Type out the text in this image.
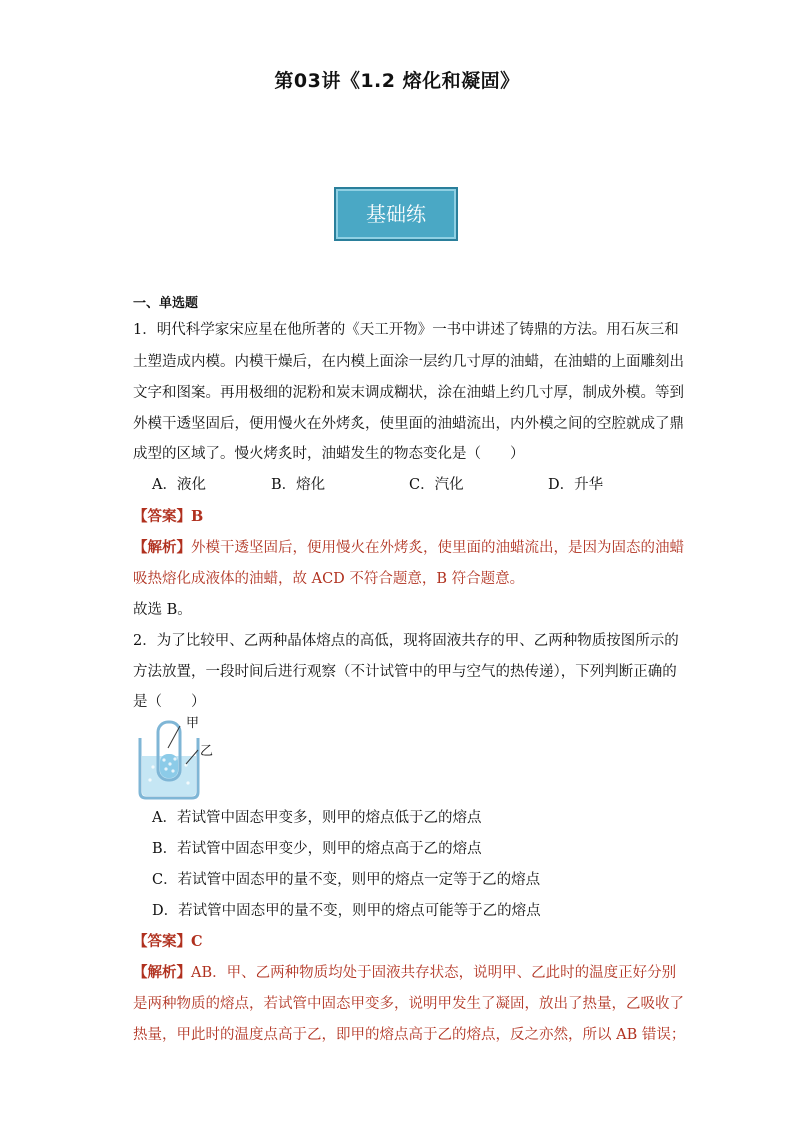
第03讲《1.2 熔化和凝固》
基础练
一、单选题
1．明代科学家宋应星在他所著的《天工开物》一书中讲述了铸鼎的方法。用石灰三和
土塑造成内模。内模干燥后，在内模上面涂一层约几寸厚的油蜡，在油蜡的上面雕刻出
文字和图案。再用极细的泥粉和炭末调成糊状，涂在油蜡上约几寸厚，制成外模。等到
外模干透坚固后，便用慢火在外烤炙，使里面的油蜡流出，内外模之间的空腔就成了鼎
成型的区域了。慢火烤炙时，油蜡发生的物态变化是（　　）
A．液化	B．熔化	C．汽化	D．升华
【答案】B
【解析】外模干透坚固后，便用慢火在外烤炙，使里面的油蜡流出，是因为固态的油蜡
吸热熔化成液体的油蜡，故 ACD 不符合题意，B 符合题意。
故选 B。
2．为了比较甲、乙两种晶体熔点的高低，现将固液共存的甲、乙两种物质按图所示的
方法放置，一段时间后进行观察（不计试管中的甲与空气的热传递），下列判断正确的
是（　　）
甲
乙
A．若试管中固态甲变多，则甲的熔点低于乙的熔点
B．若试管中固态甲变少，则甲的熔点高于乙的熔点
C．若试管中固态甲的量不变，则甲的熔点一定等于乙的熔点
D．若试管中固态甲的量不变，则甲的熔点可能等于乙的熔点
【答案】C
【解析】AB．甲、乙两种物质均处于固液共存状态，说明甲、乙此时的温度正好分别
是两种物质的熔点，若试管中固态甲变多，说明甲发生了凝固，放出了热量，乙吸收了
热量，甲此时的温度点高于乙，即甲的熔点高于乙的熔点，反之亦然，所以 AB 错误；
